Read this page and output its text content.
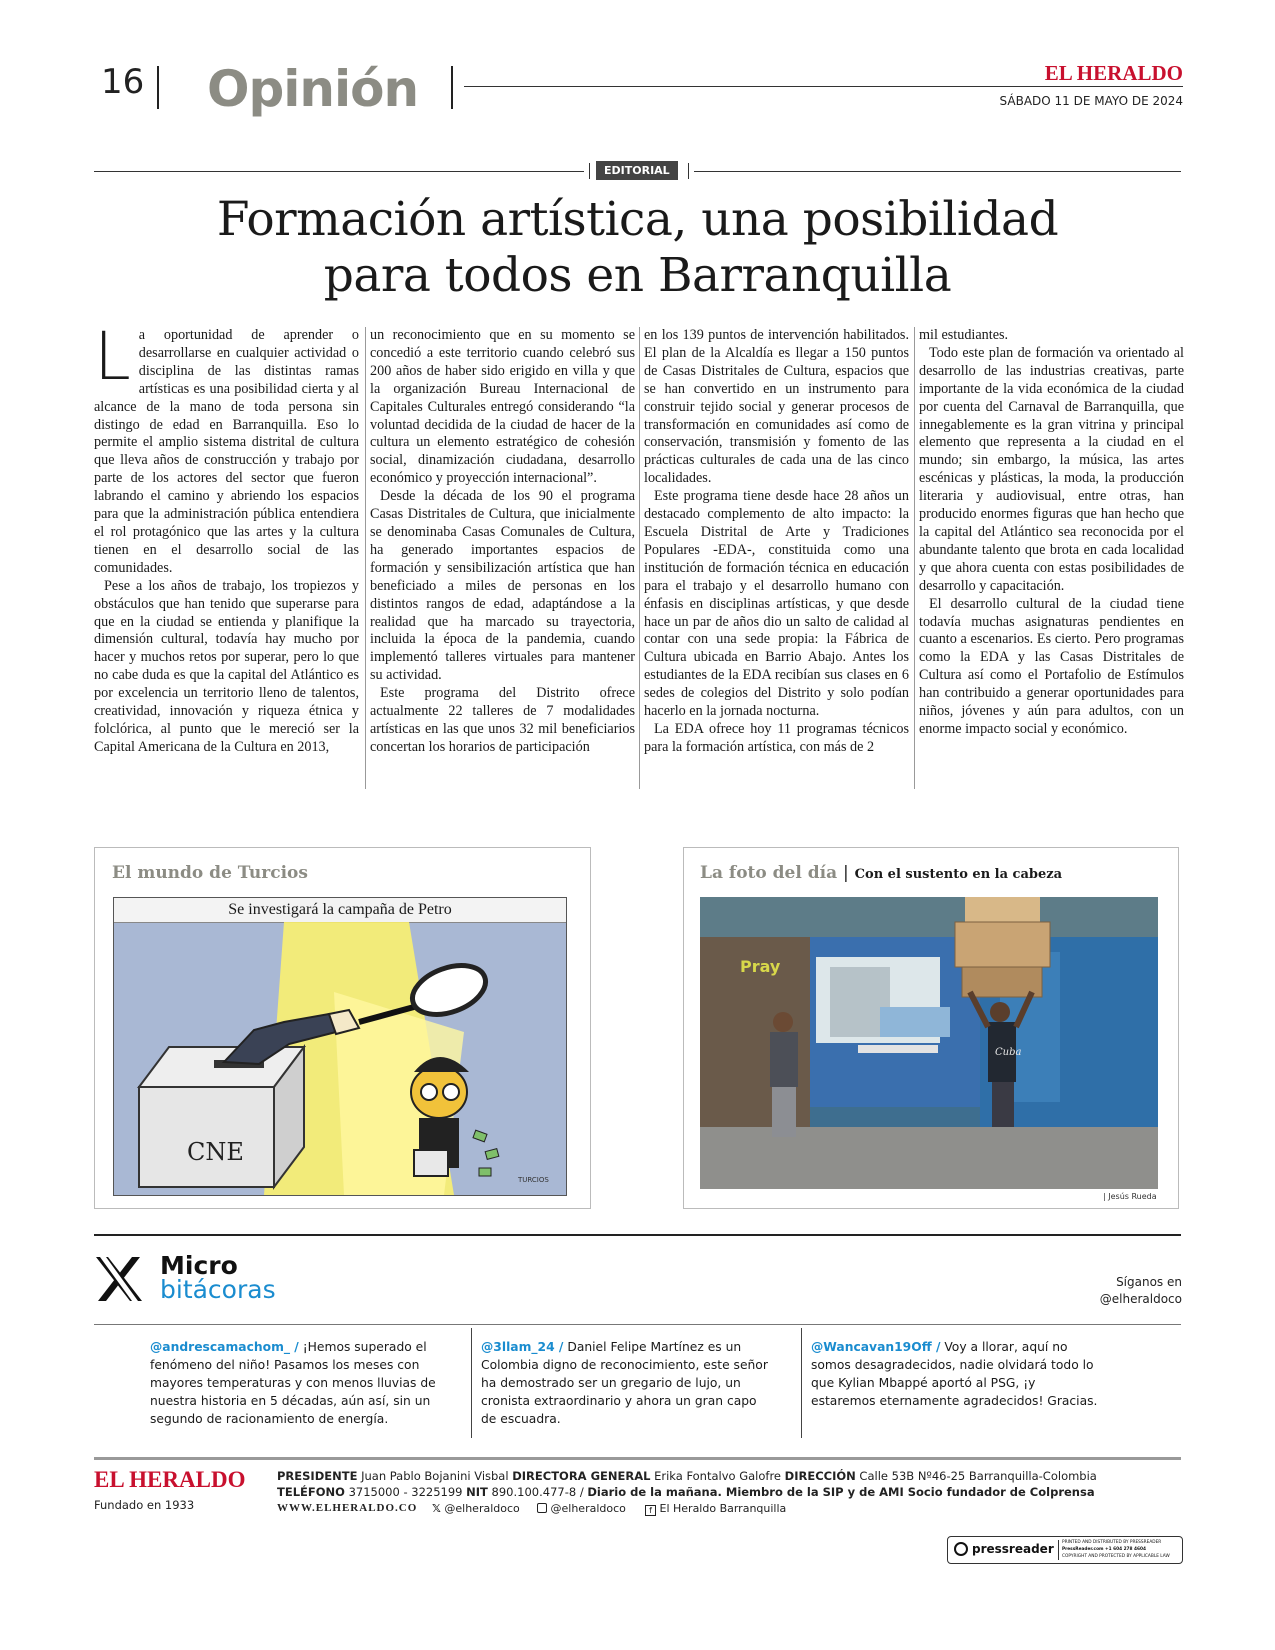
16 Opinión	EL HERALDO
SÁBADO 11 DE MAYO DE 2024
EDITORIAL
Formación artística, una posibilidad
para todos en Barranquilla

La oportunidad de aprender o desarrollarse en cualquier actividad o disciplina de las distintas ramas artísticas es una posibilidad cierta y al alcance de la mano de toda persona sin distingo de edad en Barranquilla. Eso lo permite el amplio sistema distrital de cultura que lleva años de construcción y trabajo por parte de los actores del sector que fueron labrando el camino y abriendo los espacios para que la administración pública entendiera el rol protagónico que las artes y la cultura tienen en el desarrollo social de las comunidades.

Pese a los años de trabajo, los tropiezos y obstáculos que han tenido que superarse para que en la ciudad se entienda y planifique la dimensión cultural, todavía hay mucho por hacer y muchos retos por superar, pero lo que no cabe duda es que la capital del Atlántico es por excelencia un territorio lleno de talentos, creatividad, innovación y riqueza étnica y folclórica, al punto que le mereció ser la Capital Americana de la Cultura en 2013,

un reconocimiento que en su momento se concedió a este territorio cuando celebró sus 200 años de haber sido erigido en villa y que la organización Bureau Internacional de Capitales Culturales entregó considerando “la voluntad decidida de la ciudad de hacer de la cultura un elemento estratégico de cohesión social, dinamización ciudadana, desarrollo económico y proyección internacional”.

Desde la década de los 90 el programa Casas Distritales de Cultura, que inicialmente se denominaba Casas Comunales de Cultura, ha generado importantes espacios de formación y sensibilización artística que han beneficiado a miles de personas en los distintos rangos de edad, adaptándose a la realidad que ha marcado su trayectoria, incluida la época de la pandemia, cuando implementó talleres virtuales para mantener su actividad.

Este programa del Distrito ofrece actualmente 22 talleres de 7 modalidades artísticas en las que unos 32 mil beneficiarios concertan los horarios de participación

en los 139 puntos de intervención habilitados. El plan de la Alcaldía es llegar a 150 puntos de Casas Distritales de Cultura, espacios que se han convertido en un instrumento para construir tejido social y generar procesos de transformación en comunidades así como de conservación, transmisión y fomento de las prácticas culturales de cada una de las cinco localidades.

Este programa tiene desde hace 28 años un destacado complemento de alto impacto: la Escuela Distrital de Arte y Tradiciones Populares -EDA-, constituida como una institución de formación técnica en educación para el trabajo y el desarrollo humano con énfasis en disciplinas artísticas, y que desde hace un par de años dio un salto de calidad al contar con una sede propia: la Fábrica de Cultura ubicada en Barrio Abajo. Antes los estudiantes de la EDA recibían sus clases en 6 sedes de colegios del Distrito y solo podían hacerlo en la jornada nocturna.

La EDA ofrece hoy 11 programas técnicos para la formación artística, con más de 2

mil estudiantes.

Todo este plan de formación va orientado al desarrollo de las industrias creativas, parte importante de la vida económica de la ciudad por cuenta del Carnaval de Barranquilla, que innegablemente es la gran vitrina y principal elemento que representa a la ciudad en el mundo; sin embargo, la música, las artes escénicas y plásticas, la moda, la producción literaria y audiovisual, entre otras, han producido enormes figuras que han hecho que la capital del Atlántico sea reconocida por el abundante talento que brota en cada localidad y que ahora cuenta con estas posibilidades de desarrollo y capacitación.

El desarrollo cultural de la ciudad tiene todavía muchas asignaturas pendientes en cuanto a escenarios. Es cierto. Pero programas como la EDA y las Casas Distritales de Cultura así como el Portafolio de Estímulos han contribuido a generar oportunidades para niños, jóvenes y aún para adultos, con un enorme impacto social y económico.

El mundo de Turcios
Se investigará la campaña de Petro
CNE
TURCIOS
La foto del día | Con el sustento en la cabeza
Pray
Cuba
| Jesús Rueda
Micro
bitácoras	Síganos en
@elheraldoco
@andrescamachom_ / ¡Hemos superado el fenómeno del niño! Pasamos los meses con mayores temperaturas y con menos lluvias de nuestra historia en 5 décadas, aún así, sin un segundo de racionamiento de energía.
@3llam_24 / Daniel Felipe Martínez es un Colombia digno de reconocimiento, este señor ha demostrado ser un gregario de lujo, un cronista extraordinario y ahora un gran capo de escuadra.
@Wancavan19Off / Voy a llorar, aquí no somos desagradecidos, nadie olvidará todo lo que Kylian Mbappé aportó al PSG, ¡y estaremos eternamente agradecidos! Gracias.
EL HERALDO
Fundado en 1933
PRESIDENTE Juan Pablo Bojanini Visbal DIRECTORA GENERAL Erika Fontalvo Galofre DIRECCIÓN Calle 53B Nº46-25 Barranquilla-Colombia
TELÉFONO 3715000 - 3225199 NIT 890.100.477-8 / Diario de la mañana. Miembro de la SIP y de AMI Socio fundador de Colprensa
WWW.ELHERALDO.CO 𝕏 @elheraldoco	@elheraldoco	f El Heraldo Barranquilla
pressreader PRINTED AND DISTRIBUTED BY PRESSREADER
PressReader.com +1 604 278 4604
COPYRIGHT AND PROTECTED BY APPLICABLE LAW
